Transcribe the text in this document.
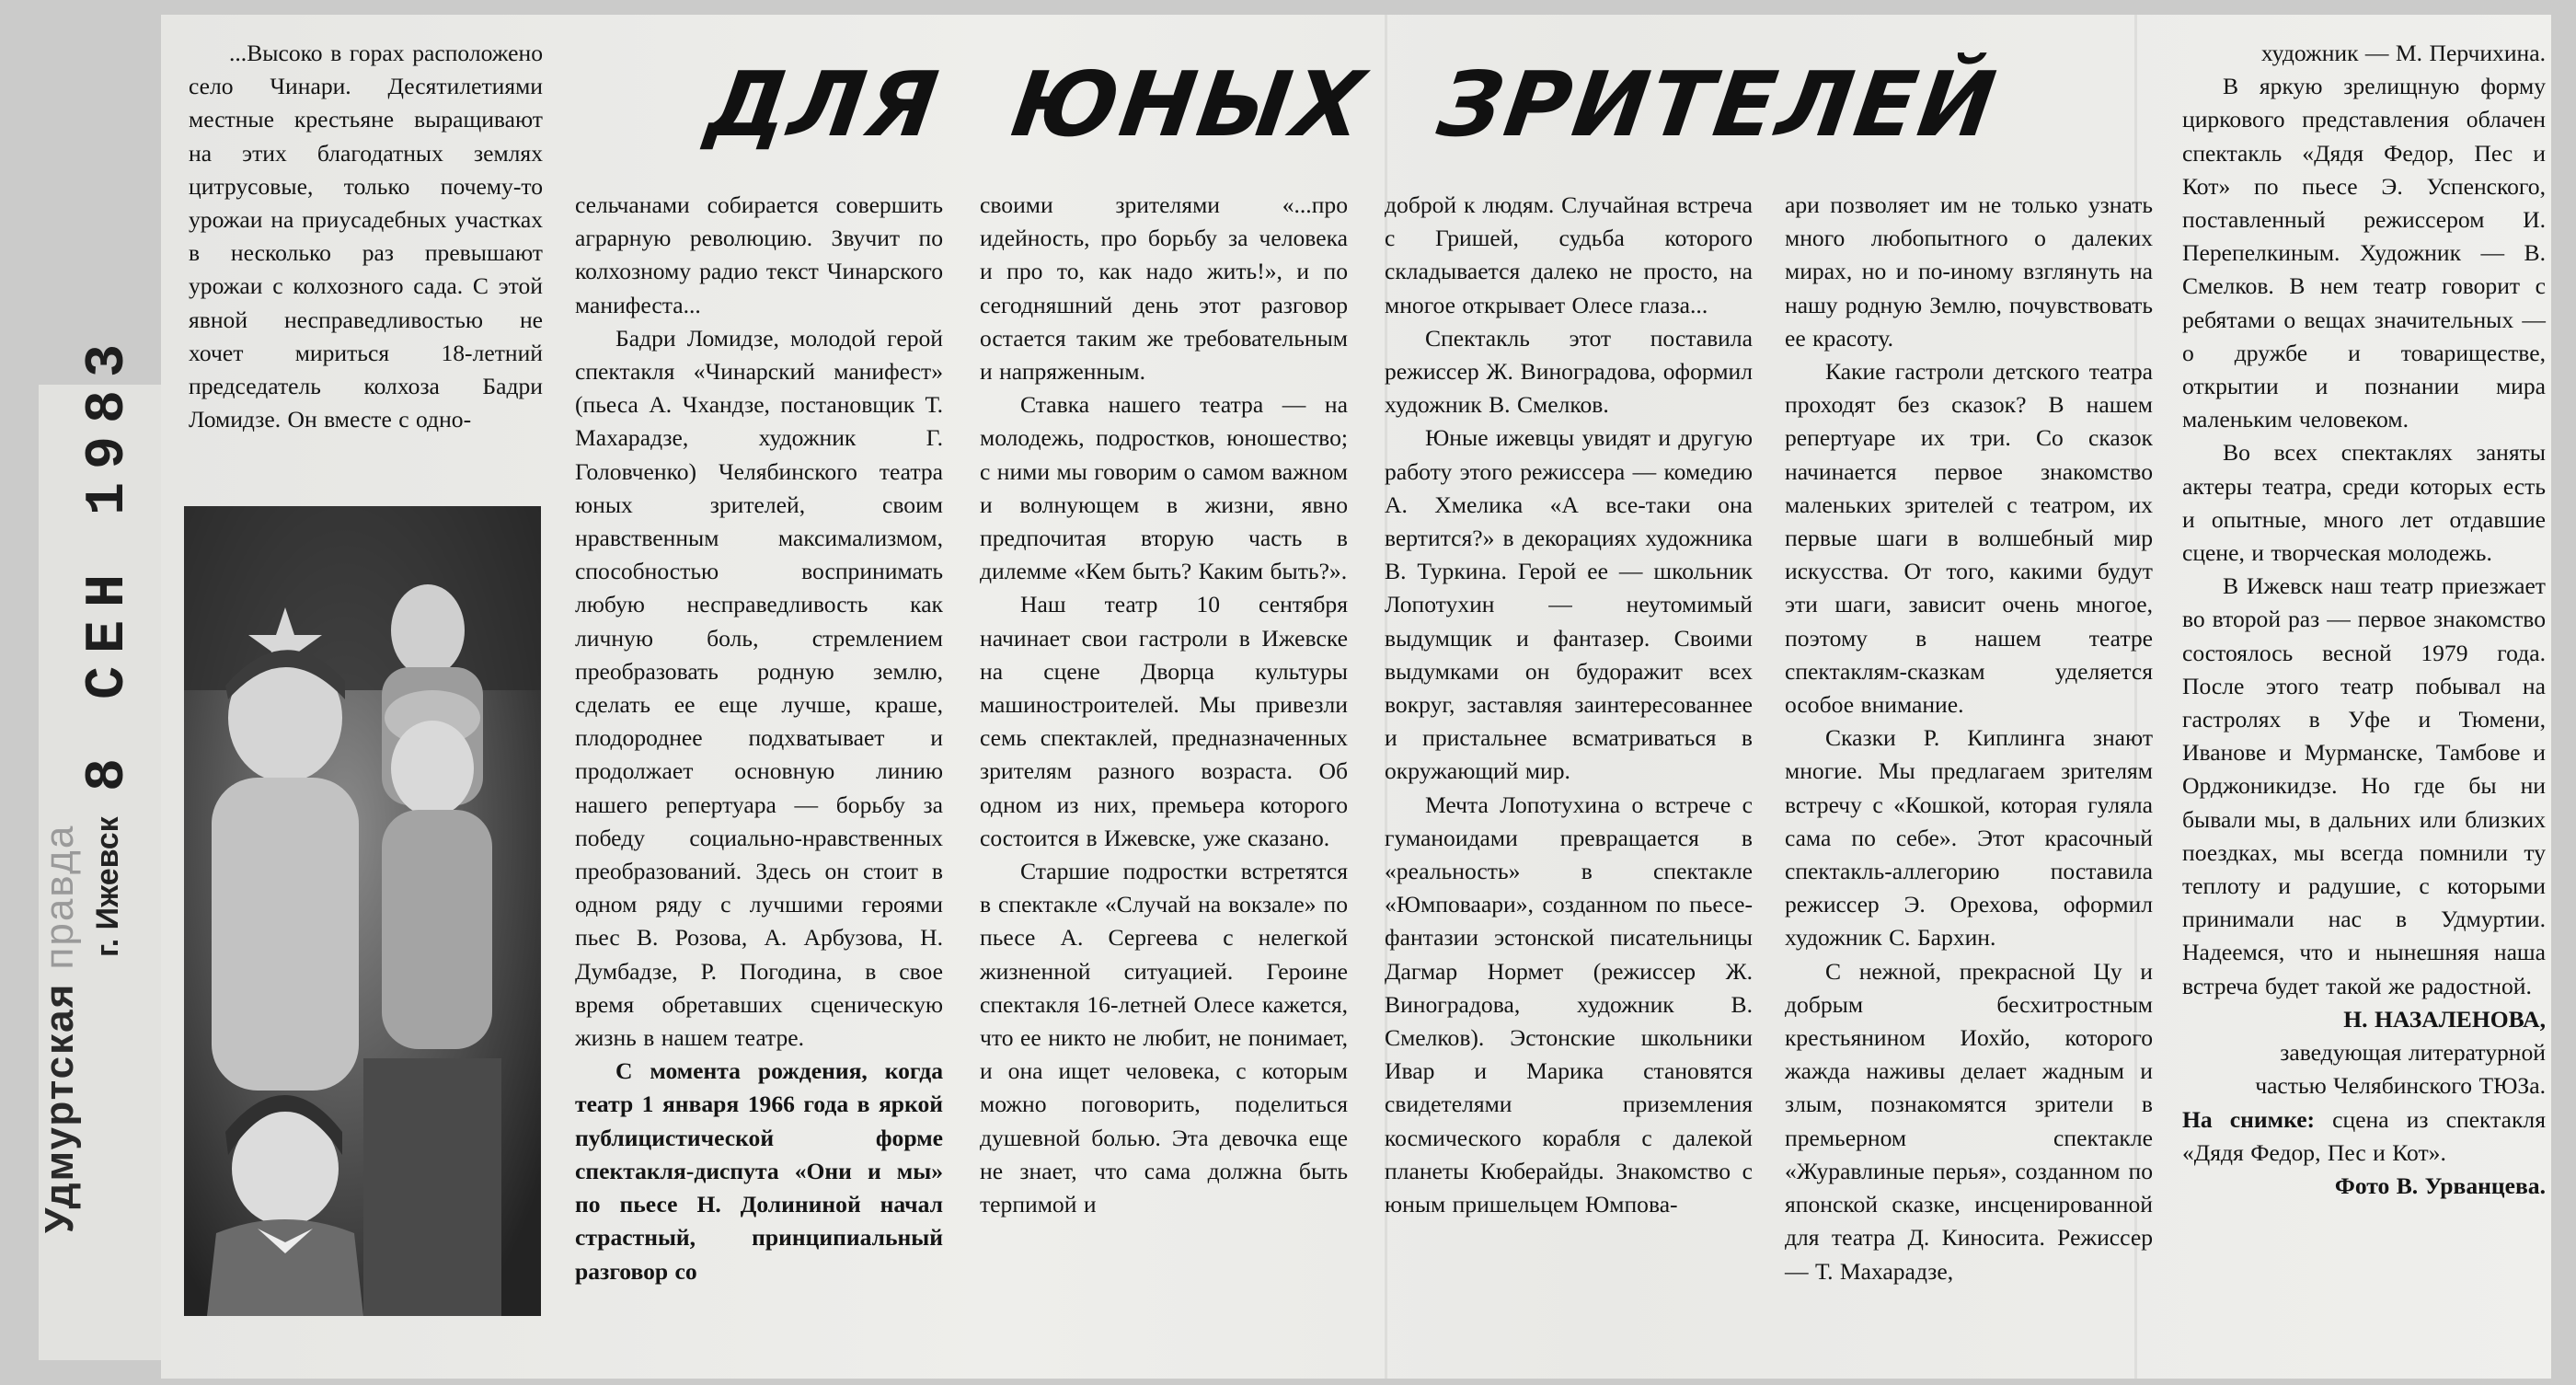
ДЛЯ ЮНЫХ ЗРИТЕЛЕЙ

...Высоко в горах расположено село Чинари. Десятилетиями местные крестьяне выращивают на этих благодатных землях цитрусовые, только почему-то урожаи на приусадебных участках в несколько раз превышают урожаи с колхозного сада. С этой явной несправедливостью не хочет мириться 18-летний председатель колхоза Бадри Ломидзе. Он вместе с одно-

Удмуртская правда г. Ижевск
8 СЕН 1983

сельчанами собирается совершить аграрную революцию. Звучит по колхозному радио текст Чинарского манифеста...

Бадри Ломидзе, молодой герой спектакля «Чинарский манифест» (пьеса А. Чхандзе, постановщик Т. Махарадзе, художник Г. Головченко) Челябинского театра юных зрителей, своим нравственным максимализмом, способностью воспринимать любую несправедливость как личную боль, стремлением преобразовать родную землю, сделать ее еще лучше, краше, плодороднее подхватывает и продолжает основную линию нашего репертуара — борьбу за победу социально-нравственных преобразований. Здесь он стоит в одном ряду с лучшими героями пьес В. Розова, А. Арбузова, Н. Думбадзе, Р. Погодина, в свое время обретавших сценическую жизнь в нашем театре.

С момента рождения, когда театр 1 января 1966 года в яркой публицистической форме спектакля-диспута «Они и мы» по пьесе Н. Долининой начал страстный, принципиальный разговор со

своими зрителями «...про идейность, про борьбу за человека и про то, как надо жить!», и по сегодняшний день этот разговор остается таким же требовательным и напряженным.

Ставка нашего театра — на молодежь, подростков, юношество; с ними мы говорим о самом важном и волнующем в жизни, явно предпочитая вторую часть в дилемме «Кем быть? Каким быть?».

Наш театр 10 сентября начинает свои гастроли в Ижевске на сцене Дворца культуры машиностроителей. Мы привезли семь спектаклей, предназначенных зрителям разного возраста. Об одном из них, премьера которого состоится в Ижевске, уже сказано.

Старшие подростки встретятся в спектакле «Случай на вокзале» по пьесе А. Сергеева с нелегкой жизненной ситуацией. Героине спектакля 16-летней Олесе кажется, что ее никто не любит, не понимает, и она ищет человека, с которым можно поговорить, поделиться душевной болью. Эта девочка еще не знает, что сама должна быть терпимой и

доброй к людям. Случайная встреча с Гришей, судьба которого складывается далеко не просто, на многое открывает Олесе глаза...

Спектакль этот поставила режиссер Ж. Виноградова, оформил художник В. Смелков.

Юные ижевцы увидят и другую работу этого режиссера — комедию А. Хмелика «А все-таки она вертится?» в декорациях художника В. Туркина. Герой ее — школьник Лопотухин — неутомимый выдумщик и фантазер. Своими выдумками он будоражит всех вокруг, заставляя заинтересованнее и пристальнее всматриваться в окружающий мир.

Мечта Лопотухина о встрече с гуманоидами превращается в «реальность» в спектакле «Юмповаари», созданном по пьесе-фантазии эстонской писательницы Дагмар Нормет (режиссер Ж. Виноградова, художник В. Смелков). Эстонские школьники Ивар и Марика становятся свидетелями приземления космического корабля с далекой планеты Кюберайды. Знакомство с юным пришельцем Юмпова-

ари позволяет им не только узнать много любопытного о далеких мирах, но и по-иному взглянуть на нашу родную Землю, почувствовать ее красоту.

Какие гастроли детского театра проходят без сказок? В нашем репертуаре их три. Со сказок начинается первое знакомство маленьких зрителей с театром, их первые шаги в волшебный мир искусства. От того, какими будут эти шаги, зависит очень многое, поэтому в нашем театре спектаклям-сказкам уделяется особое внимание.

Сказки Р. Киплинга знают многие. Мы предлагаем зрителям встречу с «Кошкой, которая гуляла сама по себе». Этот красочный спектакль-аллегорию поставила режиссер Э. Орехова, оформил художник С. Бархин.

С нежной, прекрасной Цу и добрым бесхитростным крестьянином Иохйо, которого жажда наживы делает жадным и злым, познакомятся зрители в премьерном спектакле «Журавлиные перья», созданном по японской сказке, инсценированной для театра Д. Киносита. Режиссер — Т. Махарадзе,

художник — М. Перчихина.

В яркую зрелищную форму циркового представления облачен спектакль «Дядя Федор, Пес и Кот» по пьесе Э. Успенского, поставленный режиссером И. Перепелкиным. Художник — В. Смелков. В нем театр говорит с ребятами о вещах значительных — о дружбе и товариществе, открытии и познании мира маленьким человеком.

Во всех спектаклях заняты актеры театра, среди которых есть и опытные, много лет отдавшие сцене, и творческая молодежь.

В Ижевск наш театр приезжает во второй раз — первое знакомство состоялось весной 1979 года. После этого театр побывал на гастролях в Уфе и Тюмени, Иванове и Мурманске, Тамбове и Орджоникидзе. Но где бы ни бывали мы, в дальних или близких поездках, мы всегда помнили ту теплоту и радушие, с которыми принимали нас в Удмуртии. Надеемся, что и нынешняя наша встреча будет такой же радостной.

Н. НАЗАЛЕНОВА,

заведующая литературной частью Челябинского ТЮЗа.

На снимке: сцена из спектакля «Дядя Федор, Пес и Кот».

Фото В. Урванцева.
